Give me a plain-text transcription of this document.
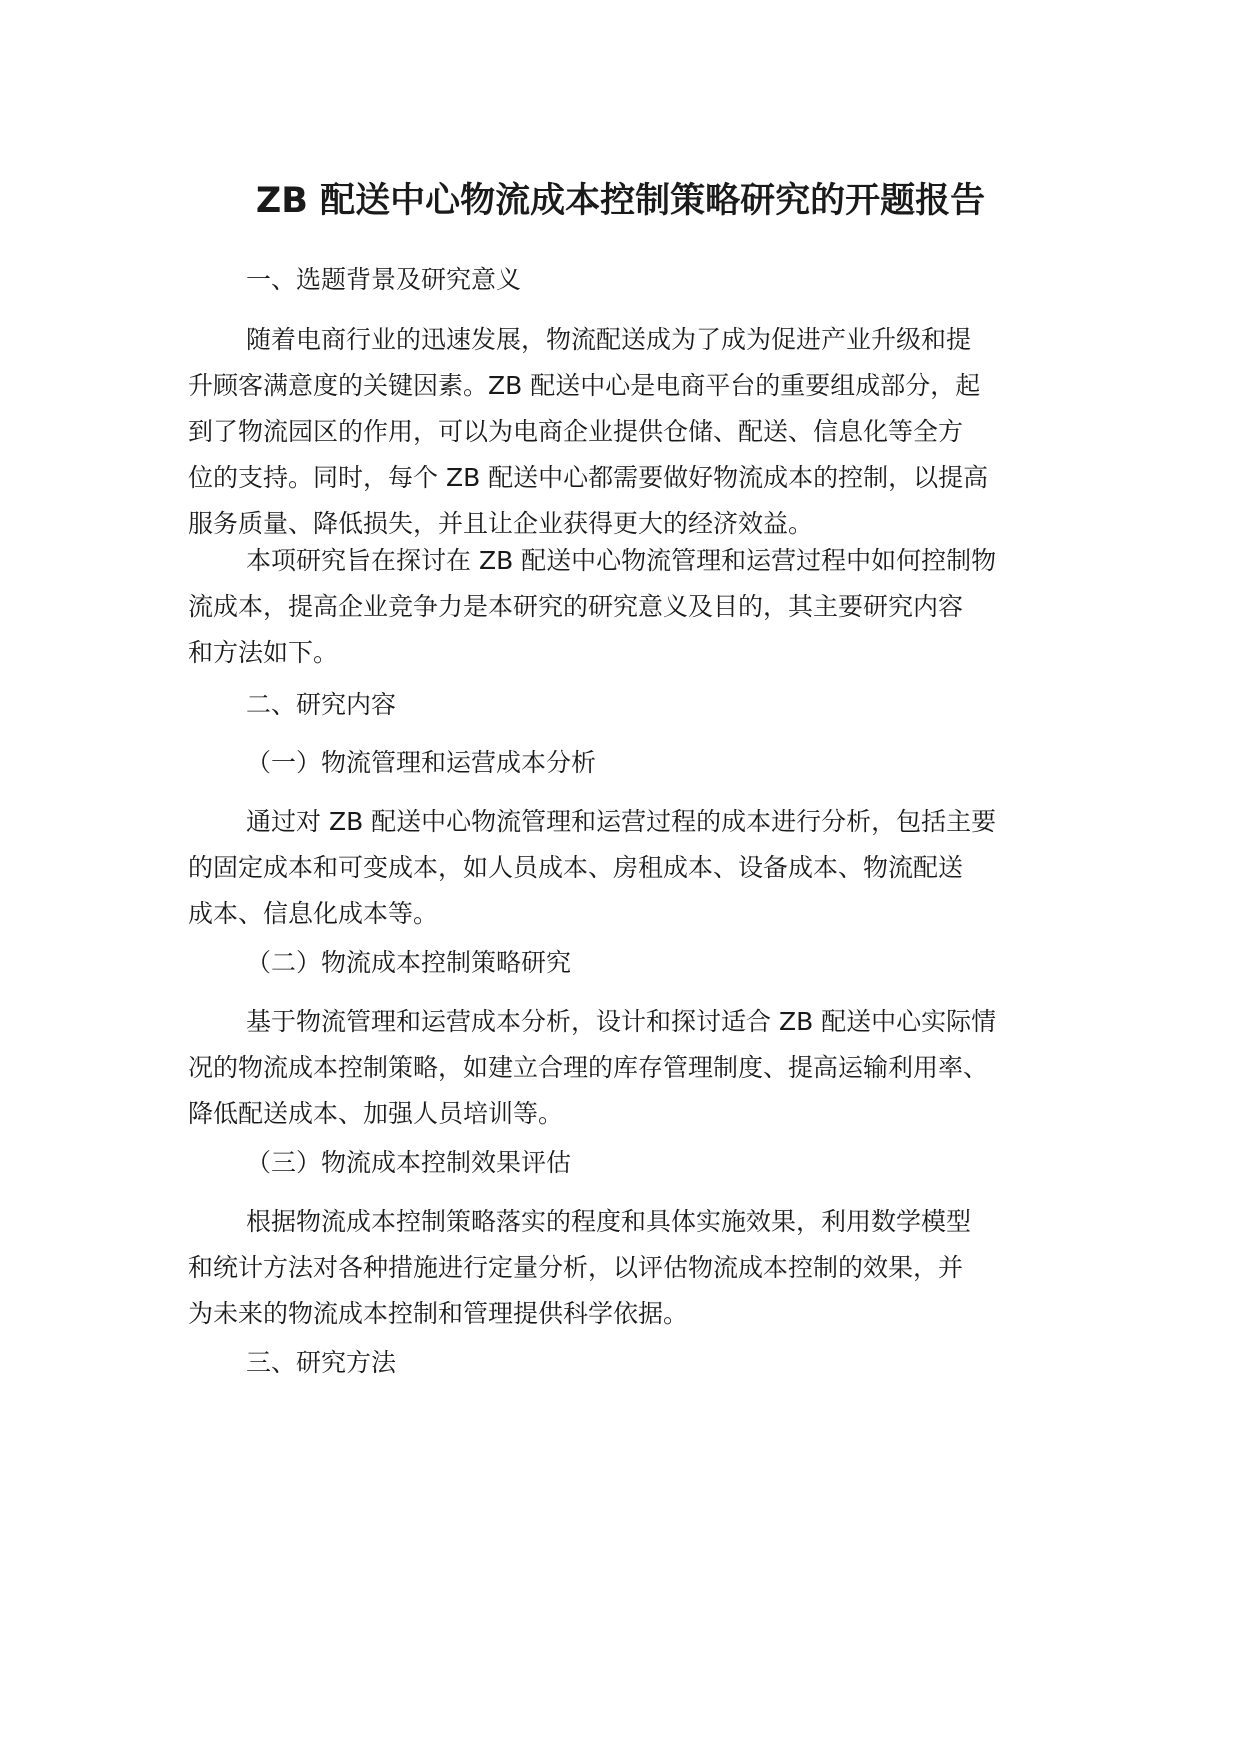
ZB 配送中心物流成本控制策略研究的开题报告

一、选题背景及研究意义

随着电商行业的迅速发展，物流配送成为了成为促进产业升级和提
升顾客满意度的关键因素。ZB 配送中心是电商平台的重要组成部分，起
到了物流园区的作用，可以为电商企业提供仓储、配送、信息化等全方
位的支持。同时，每个 ZB 配送中心都需要做好物流成本的控制，以提高
服务质量、降低损失，并且让企业获得更大的经济效益。
本项研究旨在探讨在 ZB 配送中心物流管理和运营过程中如何控制物
流成本，提高企业竞争力是本研究的研究意义及目的，其主要研究内容
和方法如下。

二、研究内容

（一）物流管理和运营成本分析

通过对 ZB 配送中心物流管理和运营过程的成本进行分析，包括主要
的固定成本和可变成本，如人员成本、房租成本、设备成本、物流配送
成本、信息化成本等。

（二）物流成本控制策略研究

基于物流管理和运营成本分析，设计和探讨适合 ZB 配送中心实际情
况的物流成本控制策略，如建立合理的库存管理制度、提高运输利用率、
降低配送成本、加强人员培训等。

（三）物流成本控制效果评估

根据物流成本控制策略落实的程度和具体实施效果，利用数学模型
和统计方法对各种措施进行定量分析，以评估物流成本控制的效果，并
为未来的物流成本控制和管理提供科学依据。

三、研究方法
